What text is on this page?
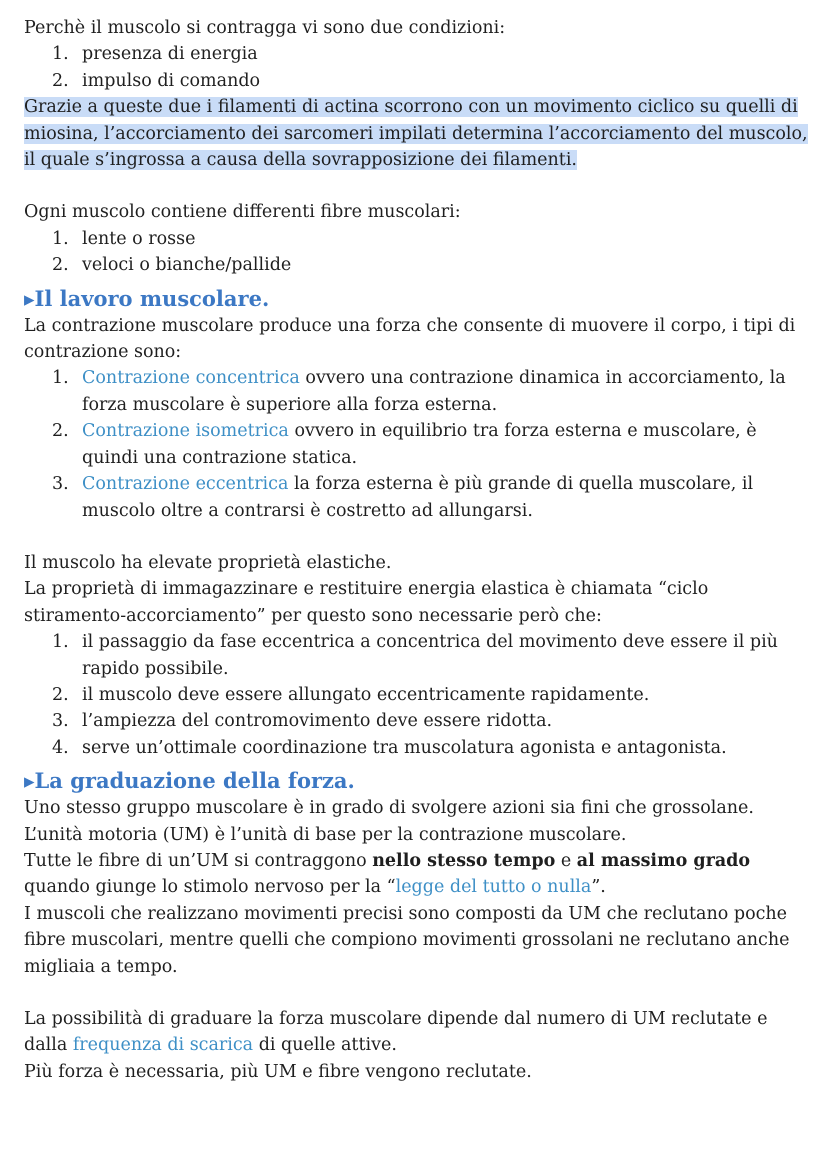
Perchè il muscolo si contragga vi sono due condizioni:

1. presenza di energia
2. impulso di comando

Grazie a queste due i filamenti di actina scorrono con un movimento ciclico su quelli di miosina, l’accorciamento dei sarcomeri impilati determina l’accorciamento del muscolo, il quale s’ingrossa a causa della sovrapposizione dei filamenti.

Ogni muscolo contiene differenti fibre muscolari:

1. lente o rosse
2. veloci o bianche/pallide
▸Il lavoro muscolare.

La contrazione muscolare produce una forza che consente di muovere il corpo, i tipi di contrazione sono:

1. Contrazione concentrica ovvero una contrazione dinamica in accorciamento, la forza muscolare è superiore alla forza esterna.
2. Contrazione isometrica ovvero in equilibrio tra forza esterna e muscolare, è quindi una contrazione statica.
3. Contrazione eccentrica la forza esterna è più grande di quella muscolare, il muscolo oltre a contrarsi è costretto ad allungarsi.

Il muscolo ha elevate proprietà elastiche.

La proprietà di immagazzinare e restituire energia elastica è chiamata “ciclo stiramento-accorciamento” per questo sono necessarie però che:

1. il passaggio da fase eccentrica a concentrica del movimento deve essere il più rapido possibile.
2. il muscolo deve essere allungato eccentricamente rapidamente.
3. l’ampiezza del contromovimento deve essere ridotta.
4. serve un’ottimale coordinazione tra muscolatura agonista e antagonista.
▸La graduazione della forza.

Uno stesso gruppo muscolare è in grado di svolgere azioni sia fini che grossolane.

L’unità motoria (UM) è l’unità di base per la contrazione muscolare.

Tutte le fibre di un’UM si contraggono nello stesso tempo e al massimo grado quando giunge lo stimolo nervoso per la “legge del tutto o nulla”.

I muscoli che realizzano movimenti precisi sono composti da UM che reclutano poche fibre muscolari, mentre quelli che compiono movimenti grossolani ne reclutano anche migliaia a tempo.

La possibilità di graduare la forza muscolare dipende dal numero di UM reclutate e dalla frequenza di scarica di quelle attive.

Più forza è necessaria, più UM e fibre vengono reclutate.
